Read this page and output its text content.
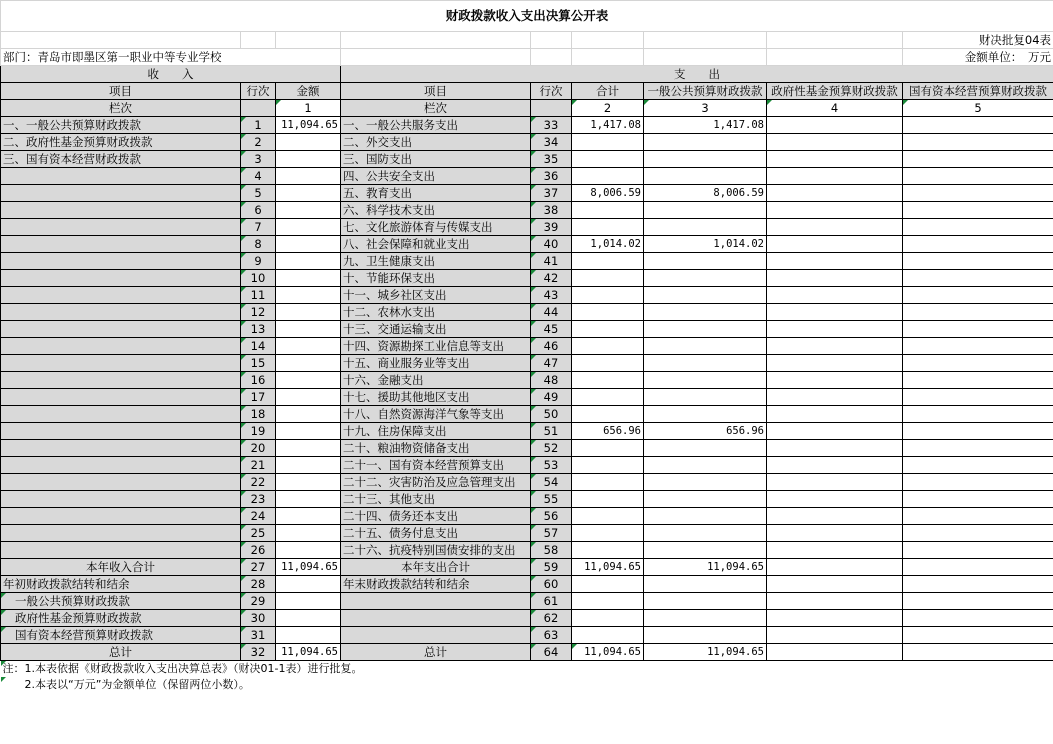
财政拨款收入支出决算公开表								
								财决批复04表
部门：青岛市即墨区第一职业中等专业学校								金额单位：　万元
收　　入			支　　出					
项目	行次	金额	项目	行次	合计	一般公共预算财政拨款	政府性基金预算财政拨款	国有资本经营预算财政拨款
栏次		1	栏次		2	3	4	5
一、一般公共预算财政拨款	1	11,094.65	一、一般公共服务支出	33	1,417.08	1,417.08		
二、政府性基金预算财政拨款	2		二、外交支出	34				
三、国有资本经营财政拨款	3		三、国防支出	35				
	4		四、公共安全支出	36				
	5		五、教育支出	37	8,006.59	8,006.59		
	6		六、科学技术支出	38				
	7		七、文化旅游体育与传媒支出	39				
	8		八、社会保障和就业支出	40	1,014.02	1,014.02		
	9		九、卫生健康支出	41				
	10		十、节能环保支出	42				
	11		十一、城乡社区支出	43				
	12		十二、农林水支出	44				
	13		十三、交通运输支出	45				
	14		十四、资源勘探工业信息等支出	46				
	15		十五、商业服务业等支出	47				
	16		十六、金融支出	48				
	17		十七、援助其他地区支出	49				
	18		十八、自然资源海洋气象等支出	50				
	19		十九、住房保障支出	51	656.96	656.96		
	20		二十、粮油物资储备支出	52				
	21		二十一、国有资本经营预算支出	53				
	22		二十二、灾害防治及应急管理支出	54				
	23		二十三、其他支出	55				
	24		二十四、债务还本支出	56				
	25		二十五、债务付息支出	57				
	26		二十六、抗疫特别国债安排的支出	58				
本年收入合计	27	11,094.65	本年支出合计	59	11,094.65	11,094.65		
年初财政拨款结转和结余	28		年末财政拨款结转和结余	60				
一般公共预算财政拨款	29			61				
政府性基金预算财政拨款	30			62				
国有资本经营预算财政拨款	31			63				
总计	32	11,094.65	总计	64	11,094.65	11,094.65		
注：1.本表依据《财政拨款收入支出决算总表》（财决01-1表）进行批复。								
2.本表以“万元”为金额单位（保留两位小数）。								
